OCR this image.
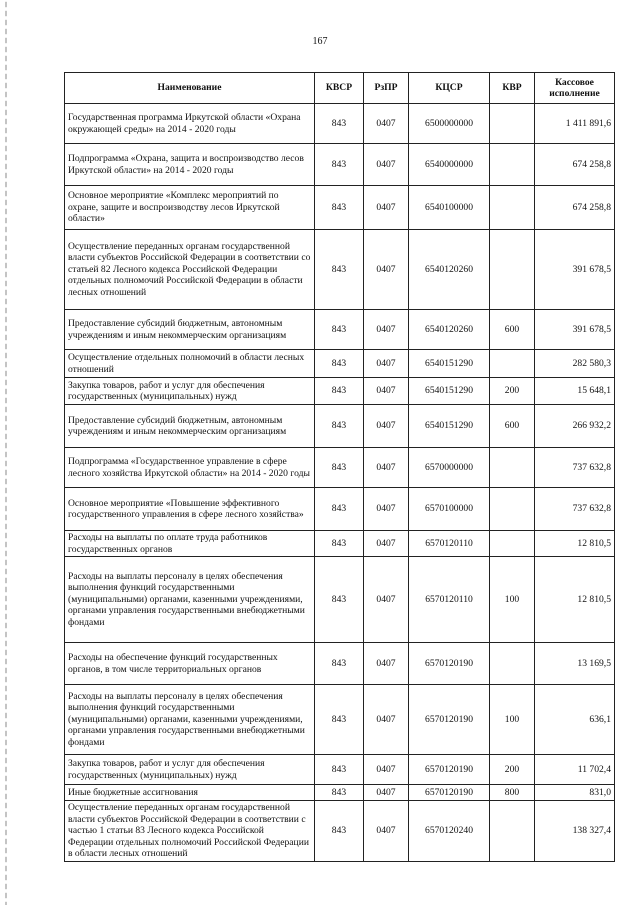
167
Наименование	КВСР	РзПР	КЦСР	КВР	Кассовое исполнение
Государственная программа Иркутской области «Охрана окружающей среды» на 2014 - 2020 годы	843	0407	6500000000		1 411 891,6
Подпрограмма «Охрана, защита и воспроизводство лесов Иркутской области» на 2014 - 2020 годы	843	0407	6540000000		674 258,8
Основное мероприятие «Комплекс мероприятий по охране, защите и воспроизводству лесов Иркутской области»	843	0407	6540100000		674 258,8
Осуществление переданных органам государственной власти субъектов Российской Федерации в соответствии со статьей 82 Лесного кодекса Российской Федерации отдельных полномочий Российской Федерации в области лесных отношений	843	0407	6540120260		391 678,5
Предоставление субсидий бюджетным, автономным учреждениям и иным некоммерческим организациям	843	0407	6540120260	600	391 678,5
Осуществление отдельных полномочий в области лесных отношений	843	0407	6540151290		282 580,3
Закупка товаров, работ и услуг для обеспечения государственных (муниципальных) нужд	843	0407	6540151290	200	15 648,1
Предоставление субсидий бюджетным, автономным учреждениям и иным некоммерческим организациям	843	0407	6540151290	600	266 932,2
Подпрограмма «Государственное управление в сфере лесного хозяйства Иркутской области» на 2014 - 2020 годы	843	0407	6570000000		737 632,8
Основное мероприятие «Повышение эффективного государственного управления в сфере лесного хозяйства»	843	0407	6570100000		737 632,8
Расходы на выплаты по оплате труда работников государственных органов	843	0407	6570120110		12 810,5
Расходы на выплаты персоналу в целях обеспечения выполнения функций государственными (муниципальными) органами, казенными учреждениями, органами управления государственными внебюджетными фондами	843	0407	6570120110	100	12 810,5
Расходы на обеспечение функций государственных органов, в том числе территориальных органов	843	0407	6570120190		13 169,5
Расходы на выплаты персоналу в целях обеспечения выполнения функций государственными (муниципальными) органами, казенными учреждениями, органами управления государственными внебюджетными фондами	843	0407	6570120190	100	636,1
Закупка товаров, работ и услуг для обеспечения государственных (муниципальных) нужд	843	0407	6570120190	200	11 702,4
Иные бюджетные ассигнования	843	0407	6570120190	800	831,0
Осуществление переданных органам государственной власти субъектов Российской Федерации в соответствии с частью 1 статьи 83 Лесного кодекса Российской Федерации отдельных полномочий Российской Федерации в области лесных отношений	843	0407	6570120240		138 327,4
